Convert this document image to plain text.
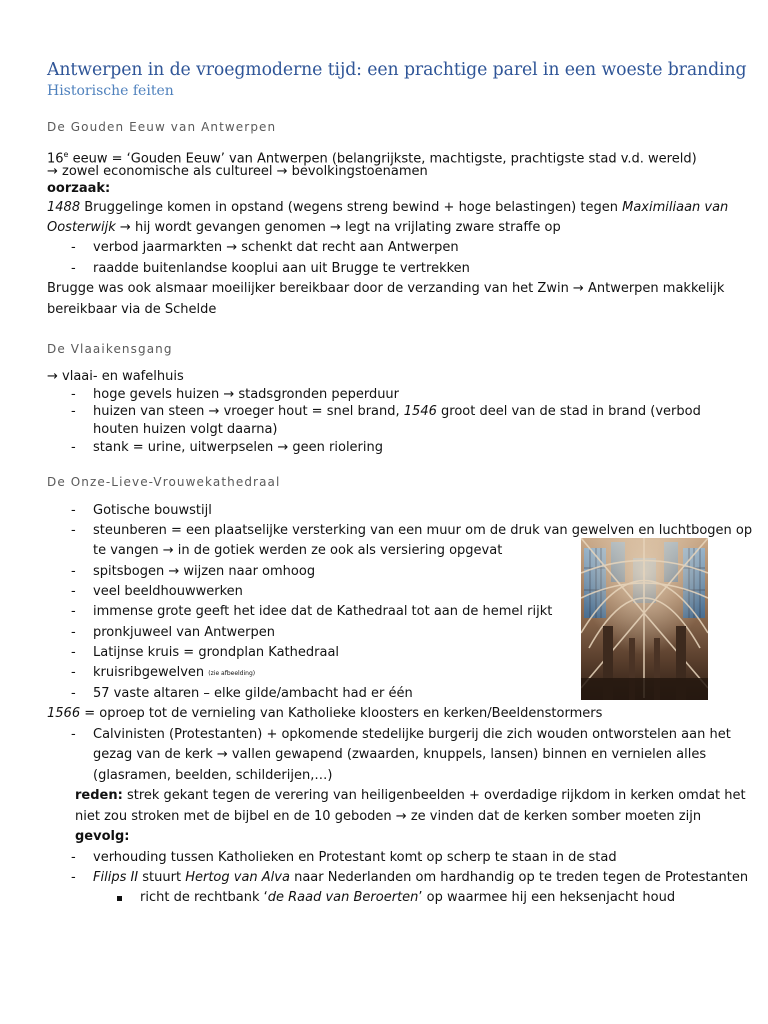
Antwerpen in de vroegmoderne tijd: een prachtige parel in een woeste branding
Historische feiten
De Gouden Eeuw van Antwerpen

16e eeuw = ‘Gouden Eeuw’ van Antwerpen (belangrijkste, machtigste, prachtigste stad v.d. wereld)

→ zowel economische als cultureel → bevolkingstoenamen

oorzaak:

1488 Bruggelinge komen in opstand (wegens streng bewind + hoge belastingen) tegen Maximiliaan van

Oosterwijk → hij wordt gevangen genomen → legt na vrijlating zware straffe op

- verbod jaarmarkten → schenkt dat recht aan Antwerpen

- raadde buitenlandse kooplui aan uit Brugge te vertrekken

Brugge was ook alsmaar moeilijker bereikbaar door de verzanding van het Zwin → Antwerpen makkelijk

bereikbaar via de Schelde

De Vlaaikensgang

→ vlaai- en wafelhuis

- hoge gevels huizen → stadsgronden peperduur

- huizen van steen → vroeger hout = snel brand, 1546 groot deel van de stad in brand (verbod

houten huizen volgt daarna)

- stank = urine, uitwerpselen → geen riolering

De Onze-Lieve-Vrouwekathedraal
- Gotische bouwstijl

- steunberen = een plaatselijke versterking van een muur om de druk van gewelven en luchtbogen op

te vangen → in de gotiek werden ze ook als versiering opgevat

- spitsbogen → wijzen naar omhoog

- veel beeldhouwwerken

- immense grote geeft het idee dat de Kathedraal tot aan de hemel rijkt

- pronkjuweel van Antwerpen

- Latijnse kruis = grondplan Kathedraal

- kruisribgewelven (zie afbeelding)

- 57 vaste altaren – elke gilde/ambacht had er één

1566 = oproep tot de vernieling van Katholieke kloosters en kerken/Beeldenstormers

- Calvinisten (Protestanten) + opkomende stedelijke burgerij die zich wouden ontworstelen aan het

gezag van de kerk → vallen gewapend (zwaarden, knuppels, lansen) binnen en vernielen alles

(glasramen, beelden, schilderijen,…)

reden: strek gekant tegen de verering van heiligenbeelden + overdadige rijkdom in kerken omdat het

niet zou stroken met de bijbel en de 10 geboden → ze vinden dat de kerken somber moeten zijn

gevolg:

- verhouding tussen Katholieken en Protestant komt op scherp te staan in de stad

- Filips II stuurt Hertog van Alva naar Nederlanden om hardhandig op te treden tegen de Protestanten

richt de rechtbank ‘de Raad van Beroerten’ op waarmee hij een heksenjacht houd
